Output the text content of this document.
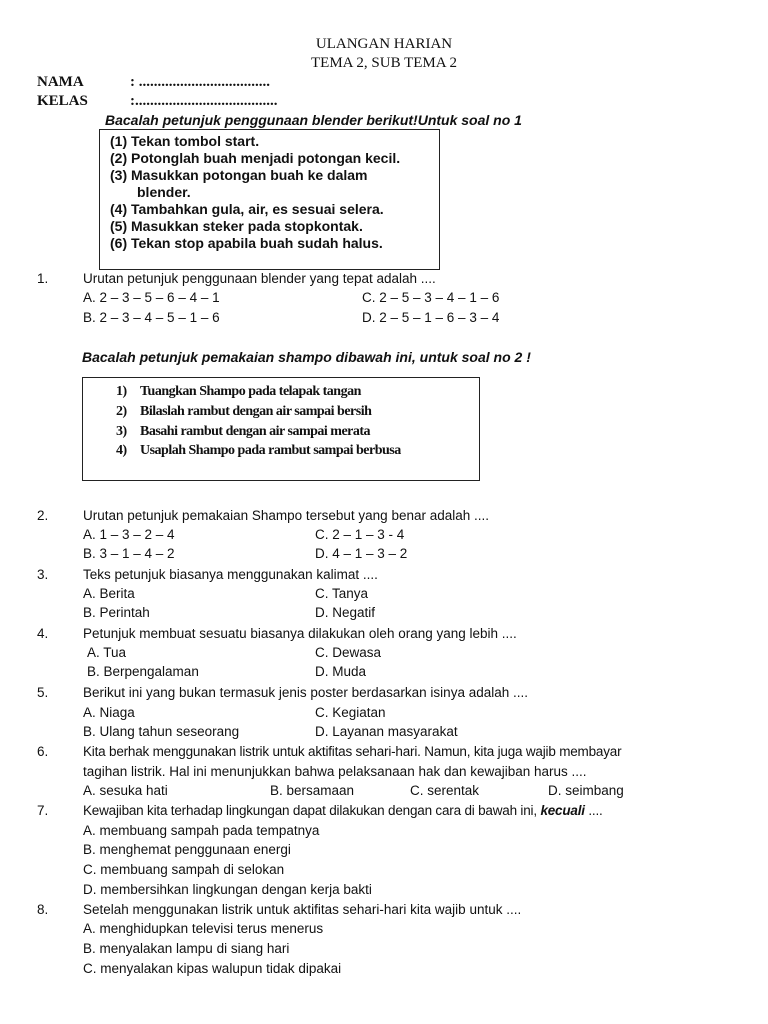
ULANGAN HARIAN
TEMA 2, SUB TEMA 2
NAMA	: ...................................
KELAS	:......................................
Bacalah petunjuk penggunaan blender berikut!Untuk soal no 1
(1) Tekan tombol start.
(2) Potonglah buah menjadi potongan kecil.
(3) Masukkan potongan buah ke dalam
blender.
(4) Tambahkan gula, air, es sesuai selera.
(5) Masukkan steker pada stopkontak.
(6) Tekan stop apabila buah sudah halus.
1.	Urutan petunjuk penggunaan blender yang tepat adalah ....
A. 2 – 3 – 5 – 6 – 4 – 1	C. 2 – 5 – 3 – 4 – 1 – 6
B. 2 – 3 – 4 – 5 – 1 – 6	D. 2 – 5 – 1 – 6 – 3 – 4
Bacalah petunjuk pemakaian shampo dibawah ini, untuk soal no 2 !
1) Tuangkan Shampo pada telapak tangan
2) Bilaslah rambut dengan air sampai bersih
3) Basahi rambut dengan air sampai merata
4) Usaplah Shampo pada rambut sampai berbusa
2.	Urutan petunjuk pemakaian Shampo tersebut yang benar adalah ....
A. 1 – 3 – 2 – 4	C. 2 – 1 – 3 - 4
B. 3 – 1 – 4 – 2	D. 4 – 1 – 3 – 2
3.	Teks petunjuk biasanya menggunakan kalimat ....
A. Berita	C. Tanya
B. Perintah	D. Negatif
4.	Petunjuk membuat sesuatu biasanya dilakukan oleh orang yang lebih ....
A. Tua	C. Dewasa
B. Berpengalaman	D. Muda
5.	Berikut ini yang bukan termasuk jenis poster berdasarkan isinya adalah ....
A. Niaga	C. Kegiatan
B. Ulang tahun seseorang	D. Layanan masyarakat
6.	Kita berhak menggunakan listrik untuk aktifitas sehari-hari. Namun, kita juga wajib membayar
tagihan listrik. Hal ini menunjukkan bahwa pelaksanaan hak dan kewajiban harus ....
A. sesuka hati	B. bersamaan	C. serentak	D. seimbang
7.	Kewajiban kita terhadap lingkungan dapat dilakukan dengan cara di bawah ini, kecuali ....
A. membuang sampah pada tempatnya
B. menghemat penggunaan energi
C. membuang sampah di selokan
D. membersihkan lingkungan dengan kerja bakti
8.	Setelah menggunakan listrik untuk aktifitas sehari-hari kita wajib untuk ....
A. menghidupkan televisi terus menerus
B. menyalakan lampu di siang hari
C. menyalakan kipas walupun tidak dipakai
